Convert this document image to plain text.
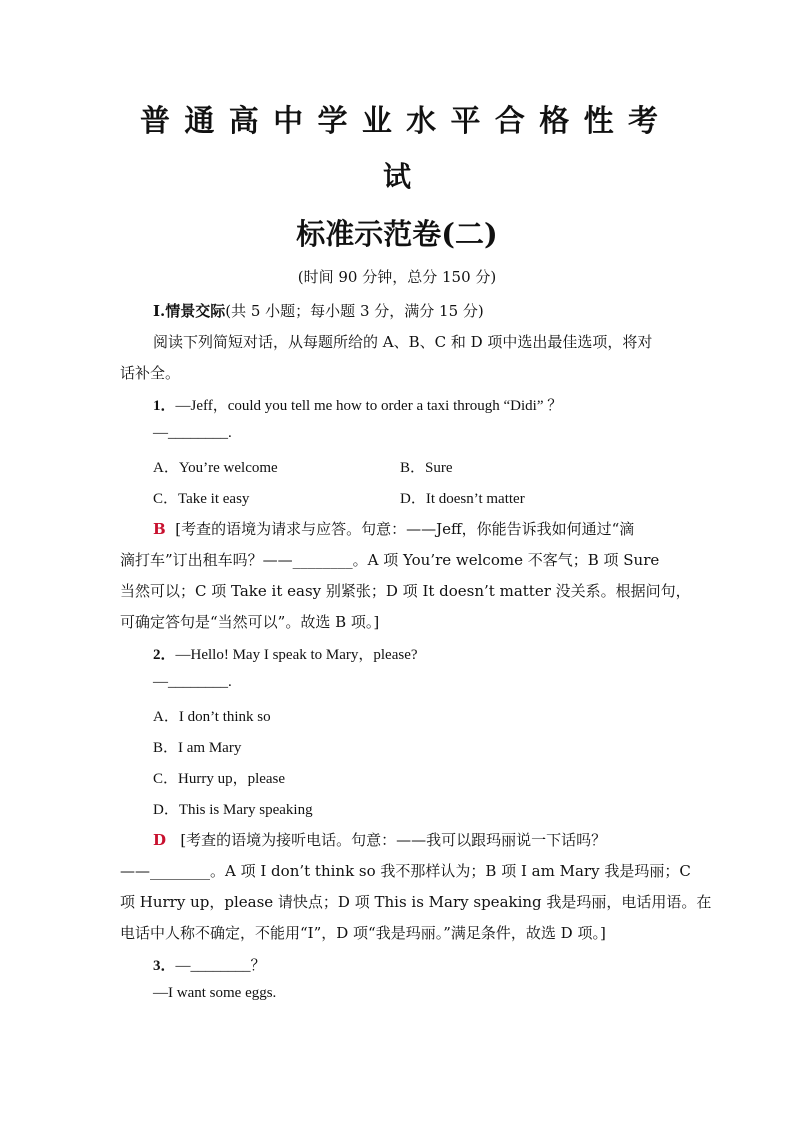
普通高中学业水平合格性考
试
标准示范卷(二)
(时间 90 分钟，总分 150 分)
Ⅰ.情景交际(共 5 小题；每小题 3 分，满分 15 分)
阅读下列简短对话，从每题所给的 A、B、C 和 D 项中选出最佳选项，将对
话补全。
1．—Jeff，could you tell me how to order a taxi through “Didi” ？
—________.
A．You’re welcome	B．Sure
C．Take it easy	D．It doesn’t matter
B [考查的语境为请求与应答。句意：——Jeff，你能告诉我如何通过“滴
滴打车”订出租车吗？——________。A 项 You’re welcome 不客气；B 项 Sure
当然可以；C 项 Take it easy 别紧张；D 项 It doesn’t matter 没关系。根据问句，
可确定答句是“当然可以”。故选 B 项。]
2．—Hello! May I speak to Mary，please?
—________.
A．I don’t think so
B．I am Mary
C．Hurry up，please
D．This is Mary speaking
D [考查的语境为接听电话。句意：——我可以跟玛丽说一下话吗？
——________。A 项 I don’t think so 我不那样认为；B 项 I am Mary 我是玛丽；C
项 Hurry up，please 请快点；D 项 This is Mary speaking 我是玛丽，电话用语。在
电话中人称不确定，不能用“I”，D 项“我是玛丽。”满足条件，故选 D 项。]
3．—________？
—I want some eggs.
